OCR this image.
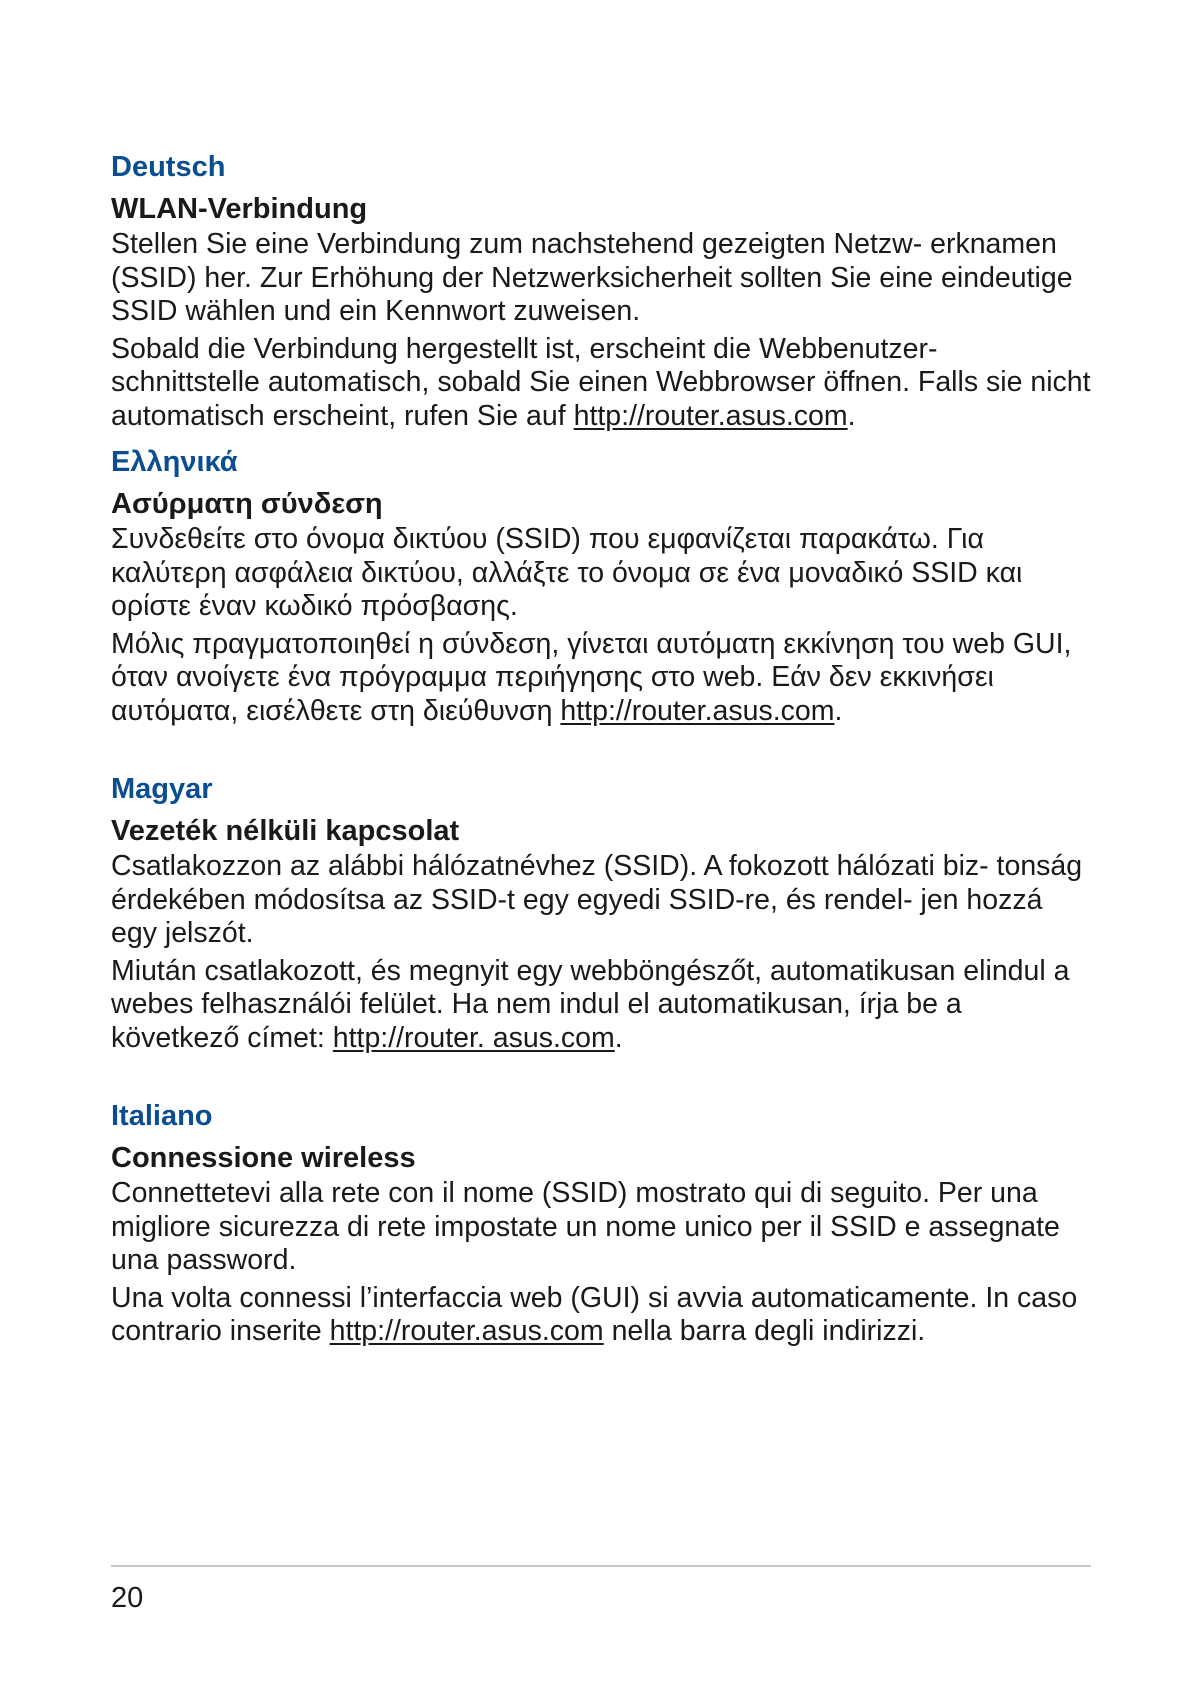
Deutsch
WLAN-Verbindung

Stellen Sie eine Verbindung zum nachstehend gezeigten Netzw- erknamen (SSID) her. Zur Erhöhung der Netzwerksicherheit sollten Sie eine eindeutige SSID wählen und ein Kennwort zuweisen.

Sobald die Verbindung hergestellt ist, erscheint die Webbenutzer- schnittstelle automatisch, sobald Sie einen Webbrowser öffnen. Falls sie nicht automatisch erscheint, rufen Sie auf http://router.asus.com.

Ελληνικά
Ασύρματη σύνδεση

Συνδεθείτε στο όνομα δικτύου (SSID) που εμφανίζεται παρακάτω. Για καλύτερη ασφάλεια δικτύου, αλλάξτε το όνομα σε ένα μοναδικό SSID και ορίστε έναν κωδικό πρόσβασης.

Μόλις πραγματοποιηθεί η σύνδεση, γίνεται αυτόματη εκκίνηση του web GUI, όταν ανοίγετε ένα πρόγραμμα περιήγησης στο web. Εάν δεν εκκινήσει αυτόματα, εισέλθετε στη διεύθυνση http://router.asus.com.

Magyar
Vezeték nélküli kapcsolat

Csatlakozzon az alábbi hálózatnévhez (SSID). A fokozott hálózati biz- tonság érdekében módosítsa az SSID-t egy egyedi SSID-re, és rendel- jen hozzá egy jelszót.

Miután csatlakozott, és megnyit egy webböngészőt, automatikusan elindul a webes felhasználói felület. Ha nem indul el automatikusan, írja be a következő címet: http://router. asus.com.

Italiano
Connessione wireless

Connettetevi alla rete con il nome (SSID) mostrato qui di seguito. Per una migliore sicurezza di rete impostate un nome unico per il SSID e assegnate una password.

Una volta connessi l’interfaccia web (GUI) si avvia automaticamente. In caso contrario inserite http://router.asus.com nella barra degli indirizzi.

20
